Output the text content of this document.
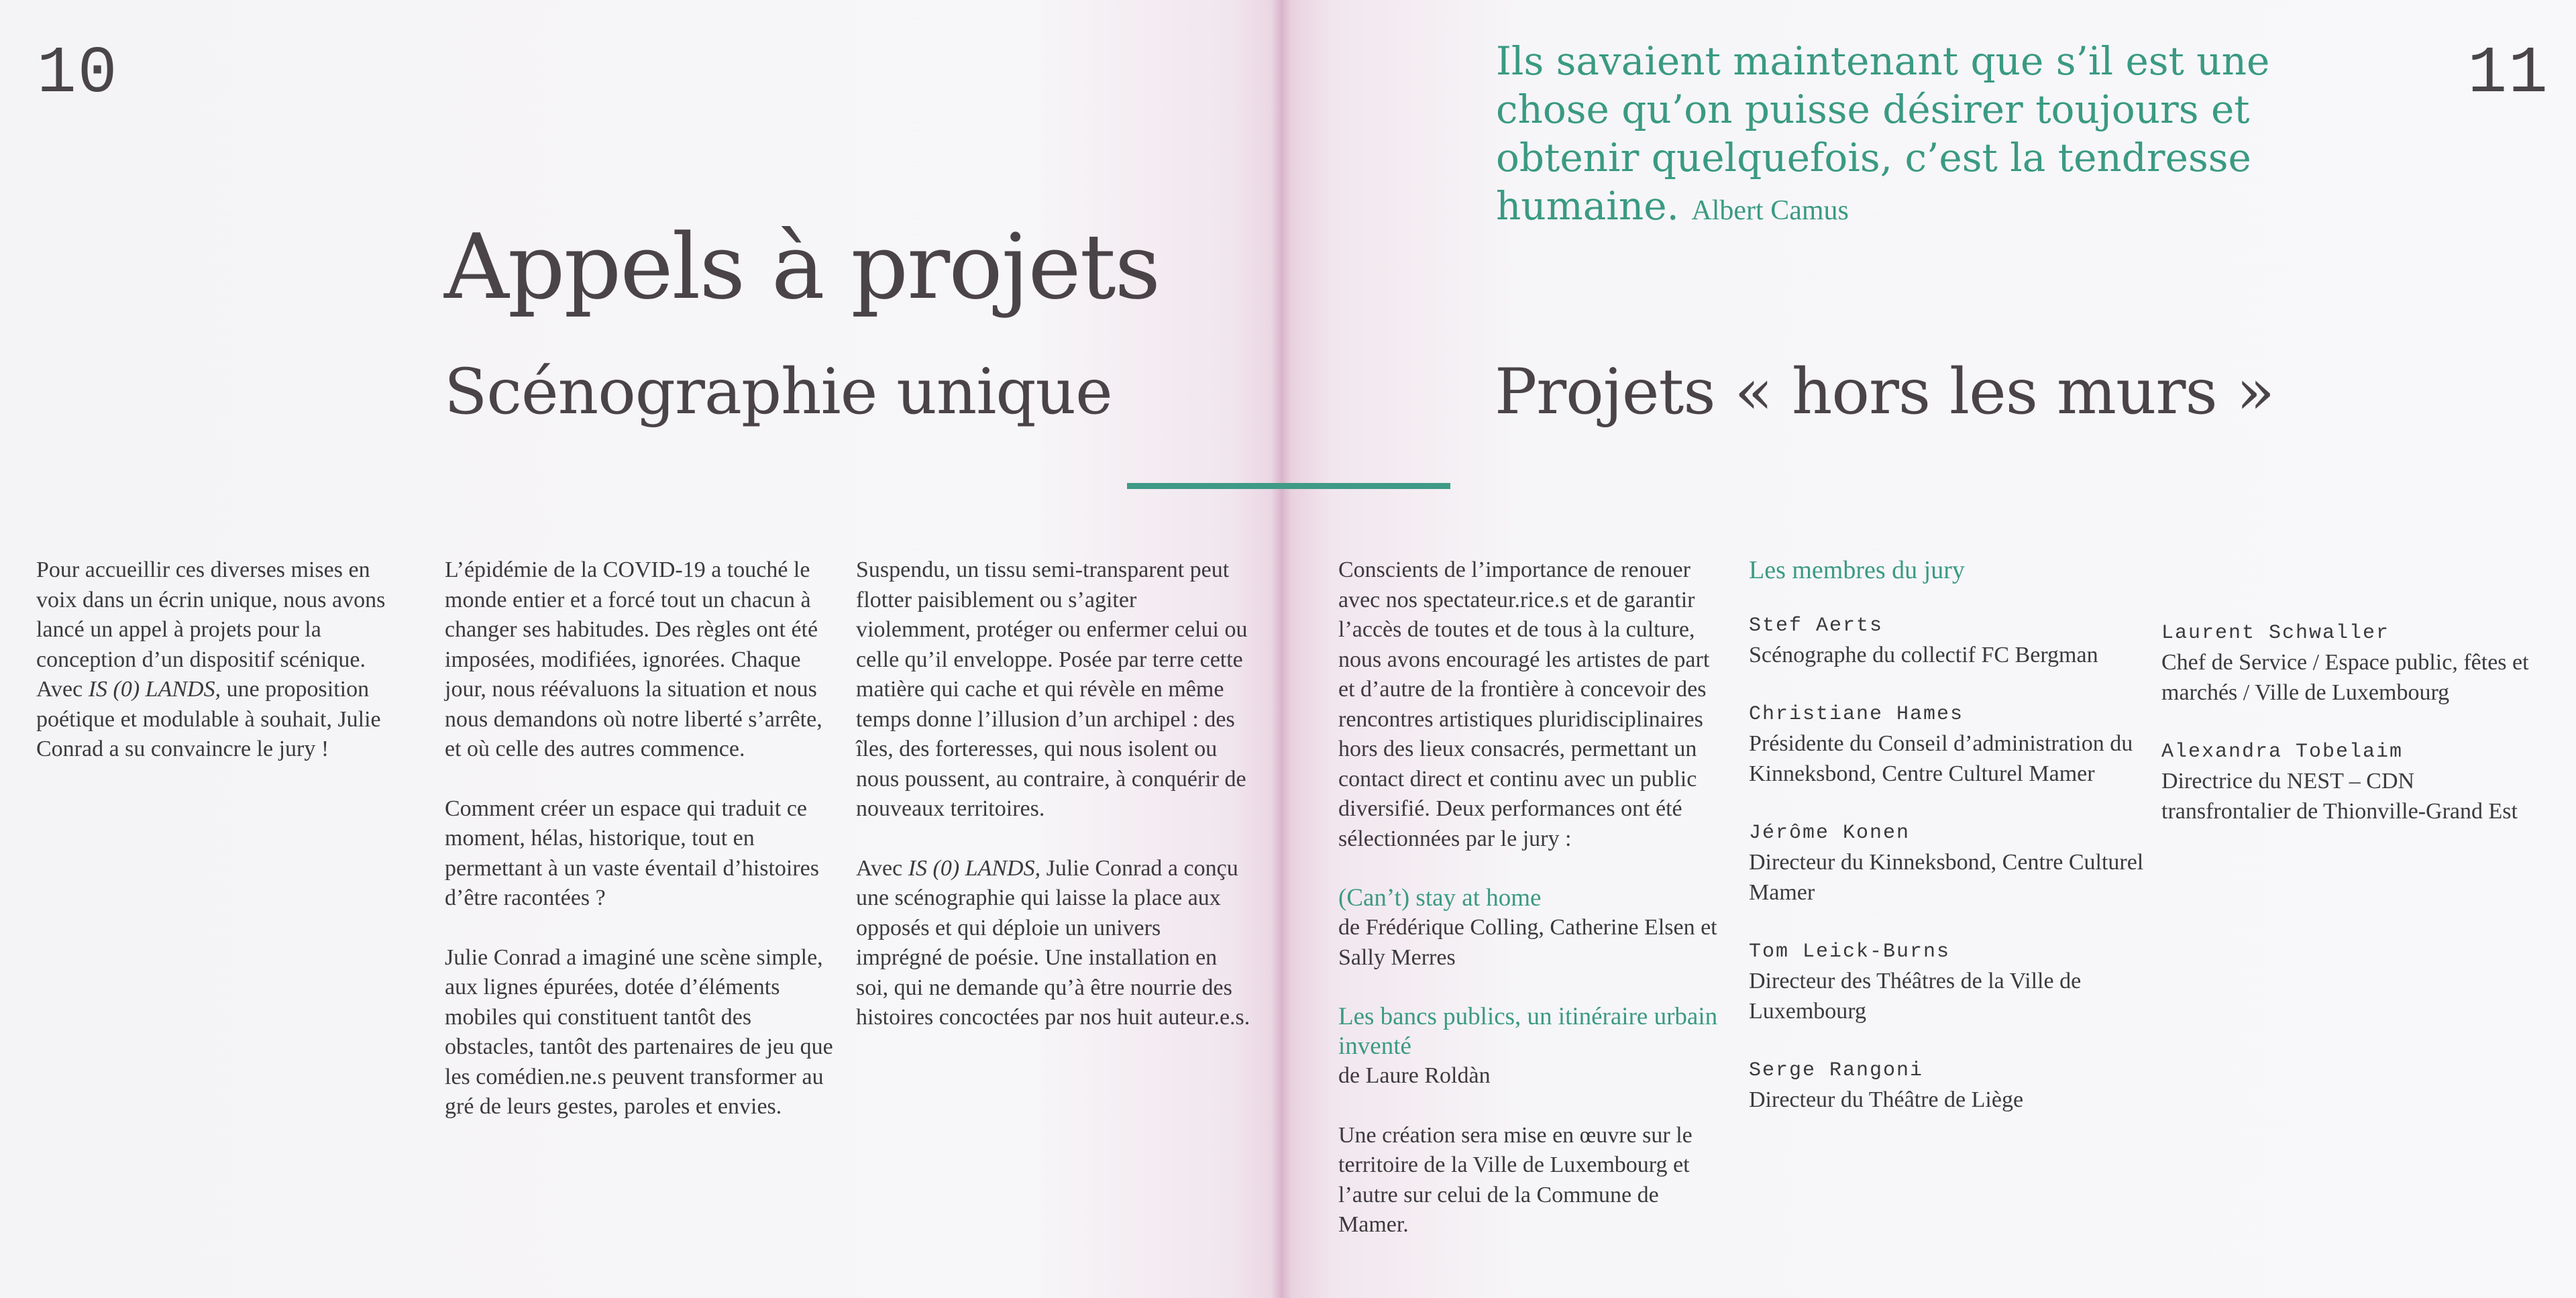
10	11
Appels à projets
Scénographie unique
Ils savaient maintenant que s’il est une chose qu’on puisse désirer toujours et obtenir quelquefois, c’est la tendresse humaine. Albert Camus
Projets « hors les murs »

Pour accueillir ces diverses mises en voix dans un écrin unique, nous avons lancé un appel à projets pour la conception d’un dispositif scénique. Avec IS (0) LANDS, une proposition poétique et modulable à souhait, Julie Conrad a su convaincre le jury !

L’épidémie de la COVID-19 a touché le monde entier et a forcé tout un chacun à changer ses habitudes. Des règles ont été imposées, modifiées, ignorées. Chaque jour, nous réévaluons la situation et nous nous demandons où notre liberté s’arrête, et où celle des autres commence.

Comment créer un espace qui traduit ce moment, hélas, historique, tout en permettant à un vaste éventail d’histoires d’être racontées ?

Julie Conrad a imaginé une scène simple, aux lignes épurées, dotée d’éléments mobiles qui constituent tantôt des obstacles, tantôt des partenaires de jeu que les comédien.ne.s peuvent transformer au gré de leurs gestes, paroles et envies.

Suspendu, un tissu semi-transparent peut flotter paisiblement ou s’agiter violemment, protéger ou enfermer celui ou celle qu’il enveloppe. Posée par terre cette matière qui cache et qui révèle en même temps donne l’illusion d’un archipel : des îles, des forteresses, qui nous isolent ou nous poussent, au contraire, à conquérir de nouveaux territoires.

Avec IS (0) LANDS, Julie Conrad a conçu une scénographie qui laisse la place aux opposés et qui déploie un univers imprégné de poésie. Une installation en soi, qui ne demande qu’à être nourrie des histoires concoctées par nos huit auteur.e.s.

Conscients de l’importance de renouer avec nos spectateur.rice.s et de garantir l’accès de toutes et de tous à la culture, nous avons encouragé les artistes de part et d’autre de la frontière à concevoir des rencontres artistiques pluridisciplinaires hors des lieux consacrés, permettant un contact direct et continu avec un public diversifié. Deux performances ont été sélectionnées par le jury :

(Can’t) stay at home
de Frédérique Colling, Catherine Elsen et Sally Merres

Les bancs publics, un itinéraire urbain inventé
de Laure Roldàn

Une création sera mise en œuvre sur le territoire de la Ville de Luxembourg et l’autre sur celui de la Commune de Mamer.

Les membres du jury
Stef Aerts
Scénographe du collectif FC Bergman
Christiane Hames
Présidente du Conseil d’administration du Kinneksbond, Centre Culturel Mamer
Jérôme Konen
Directeur du Kinneksbond, Centre Culturel Mamer
Tom Leick-Burns
Directeur des Théâtres de la Ville de Luxembourg
Serge Rangoni
Directeur du Théâtre de Liège
Laurent Schwaller
Chef de Service / Espace public, fêtes et marchés / Ville de Luxembourg
Alexandra Tobelaim
Directrice du NEST – CDN transfrontalier de Thionville-Grand Est
